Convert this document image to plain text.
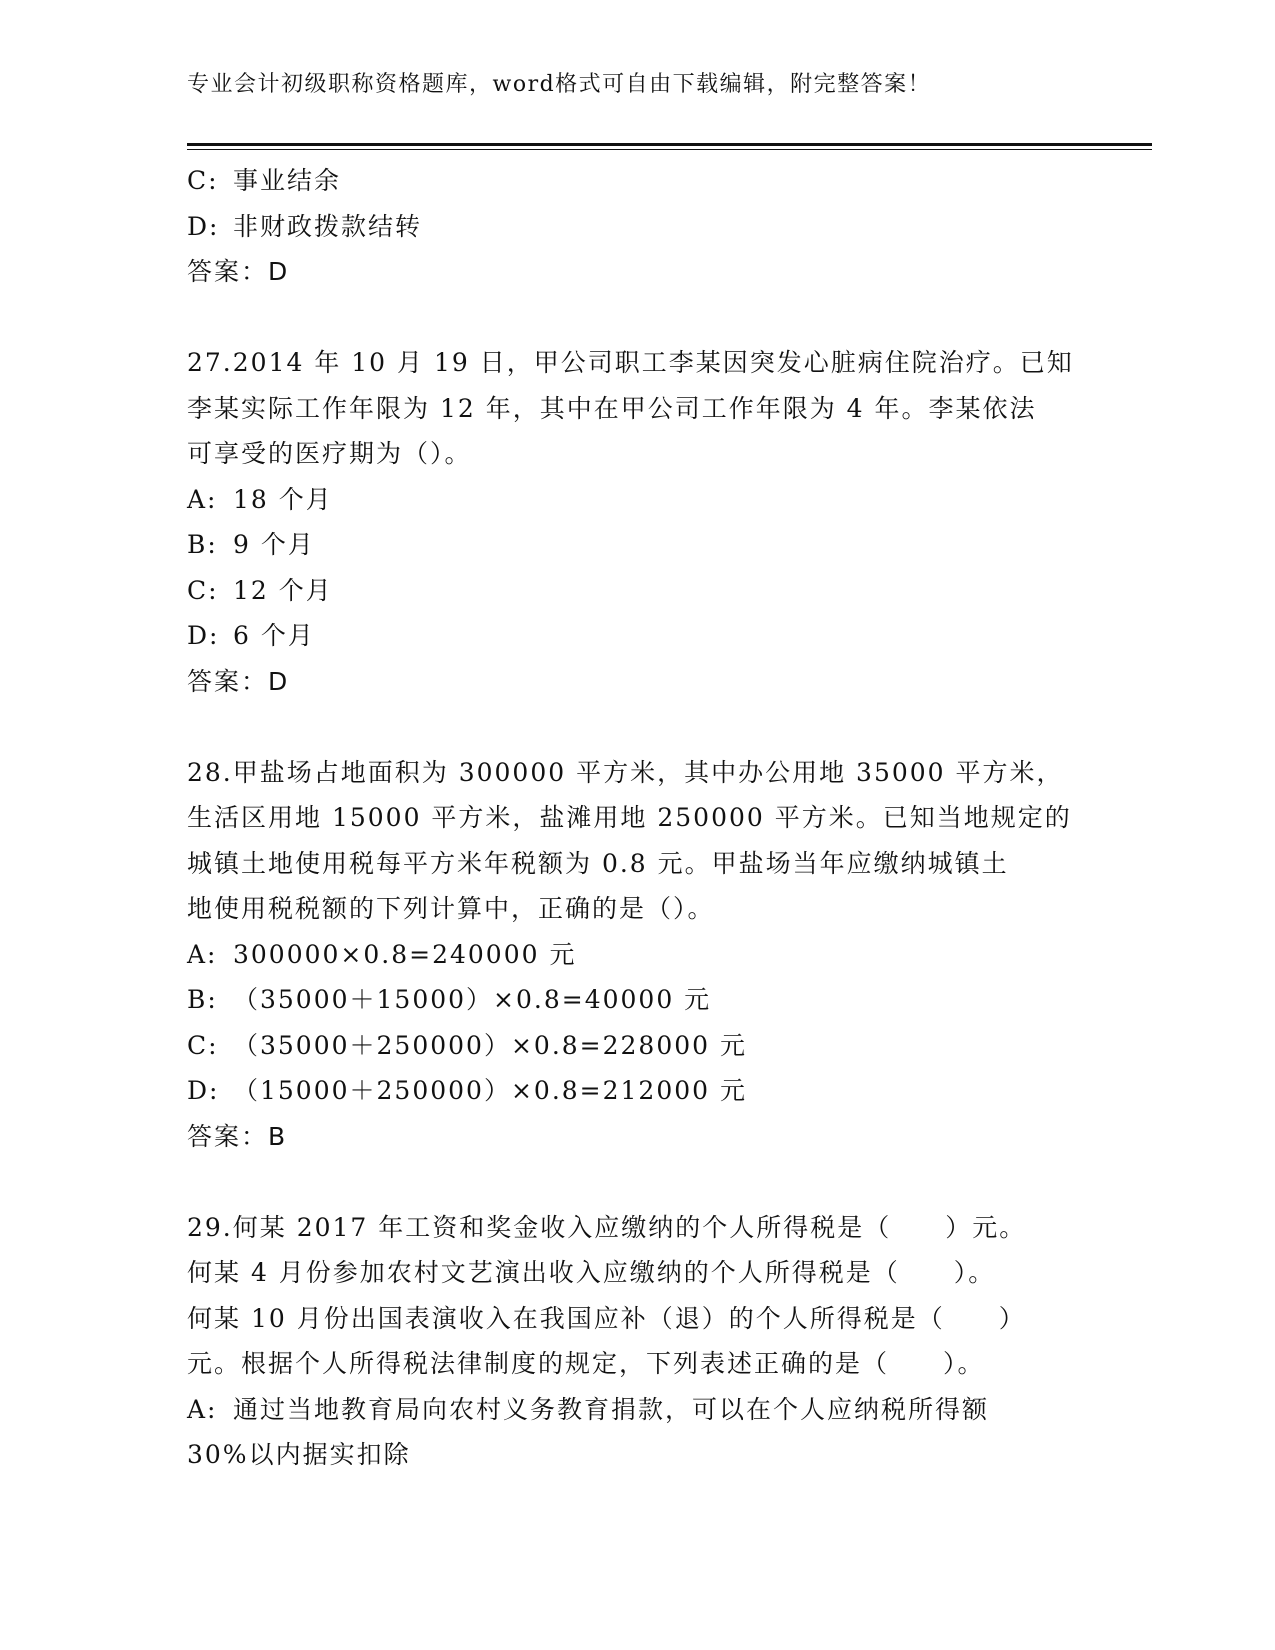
专业会计初级职称资格题库，word格式可自由下载编辑，附完整答案！
C: 事业结余
D: 非财政拨款结转
答案：D
27.2014 年 10 月 19 日，甲公司职工李某因突发心脏病住院治疗。已知
李某实际工作年限为 12 年，其中在甲公司工作年限为 4 年。李某依法
可享受的医疗期为（）。
A: 18 个月
B: 9 个月
C: 12 个月
D: 6 个月
答案：D
28.甲盐场占地面积为 300000 平方米，其中办公用地 35000 平方米，
生活区用地 15000 平方米，盐滩用地 250000 平方米。已知当地规定的
城镇土地使用税每平方米年税额为 0.8 元。甲盐场当年应缴纳城镇土
地使用税税额的下列计算中，正确的是（）。
A: 300000×0.8=240000 元
B: （35000＋15000）×0.8=40000 元
C: （35000＋250000）×0.8=228000 元
D: （15000＋250000）×0.8=212000 元
答案：B
29.何某 2017 年工资和奖金收入应缴纳的个人所得税是（　　）元。
何某 4 月份参加农村文艺演出收入应缴纳的个人所得税是（　　）。
何某 10 月份出国表演收入在我国应补（退）的个人所得税是（　　）
元。根据个人所得税法律制度的规定，下列表述正确的是（　　）。
A: 通过当地教育局向农村义务教育捐款，可以在个人应纳税所得额
30%以内据实扣除
